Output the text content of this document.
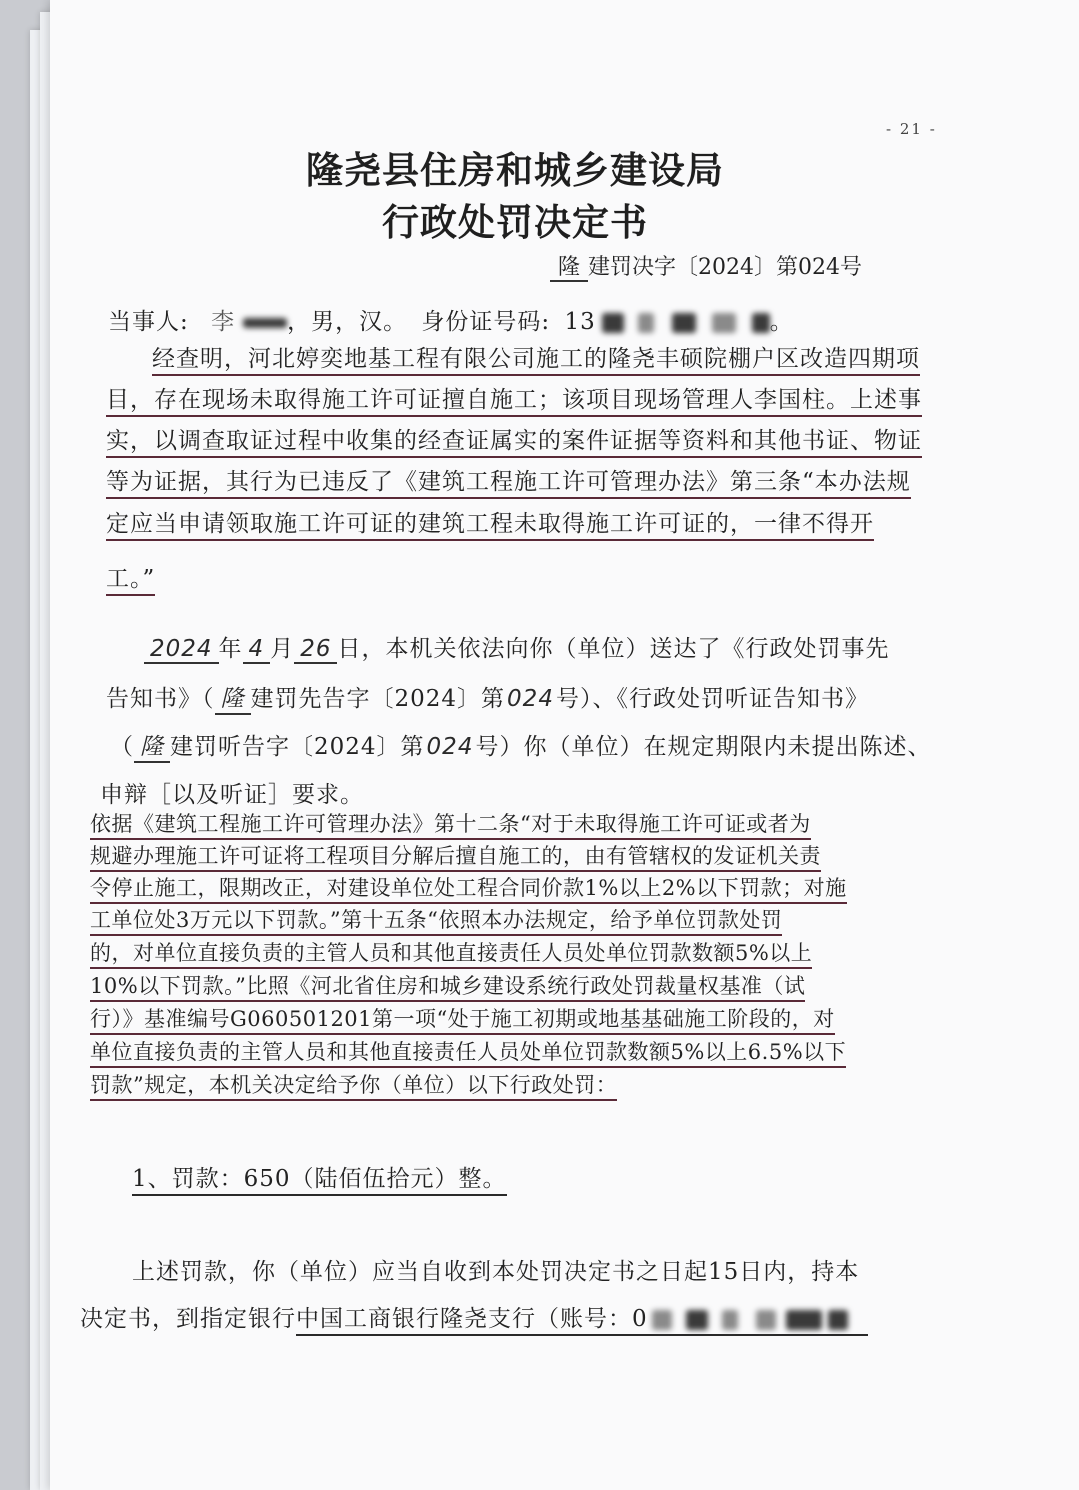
- 21 -
隆尧县住房和城乡建设局
行政处罚决定书
隆 建罚决字〔2024〕第024号
当事人: 李 ，男，汉。 身份证号码: 13	。
经查明，河北婷奕地基工程有限公司施工的隆尧丰硕院棚户区改造四期项
目，存在现场未取得施工许可证擅自施工；该项目现场管理人李国柱。上述事
实，以调查取证过程中收集的经查证属实的案件证据等资料和其他书证、物证
等为证据，其行为已违反了《建筑工程施工许可管理办法》第三条“本办法规
定应当申请领取施工许可证的建筑工程未取得施工许可证的，一律不得开
工。”
2024 年 4 月 26 日，本机关依法向你（单位）送达了《行政处罚事先
告知书》（ 隆 建罚先告字〔2024〕第024号）、《行政处罚听证告知书》
（ 隆 建罚听告字〔2024〕第024号）你（单位）在规定期限内未提出陈述、
申辩［以及听证］要求。
依据《建筑工程施工许可管理办法》第十二条“对于未取得施工许可证或者为
规避办理施工许可证将工程项目分解后擅自施工的，由有管辖权的发证机关责
令停止施工，限期改正，对建设单位处工程合同价款1%以上2%以下罚款；对施
工单位处3万元以下罚款。”第十五条“依照本办法规定，给予单位罚款处罚
的，对单位直接负责的主管人员和其他直接责任人员处单位罚款数额5%以上
10%以下罚款。”比照《河北省住房和城乡建设系统行政处罚裁量权基准（试
行）》基准编号G060501201第一项“处于施工初期或地基基础施工阶段的，对
单位直接负责的主管人员和其他直接责任人员处单位罚款数额5%以上6.5%以下
罚款”规定，本机关决定给予你（单位）以下行政处罚：
1、罚款：650（陆佰伍拾元）整。
上述罚款，你（单位）应当自收到本处罚决定书之日起15日内，持本
决定书，到指定银行中国工商银行隆尧支行（账号：0
